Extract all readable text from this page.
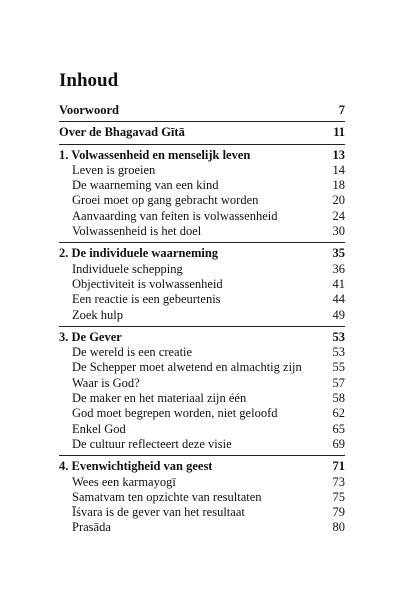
Inhoud
Voorwoord	7
Over de Bhagavad Gītā	11
1. Volwassenheid en menselijk leven	13
Leven is groeien	14
De waarneming van een kind	18
Groei moet op gang gebracht worden	20
Aanvaarding van feiten is volwassenheid	24
Volwassenheid is het doel	30
2. De individuele waarneming	35
Individuele schepping	36
Objectiviteit is volwassenheid	41
Een reactie is een gebeurtenis	44
Zoek hulp	49
3. De Gever	53
De wereld is een creatie	53
De Schepper moet alwetend en almachtig zijn 55
Waar is God?	57
De maker en het materiaal zijn één	58
God moet begrepen worden, niet geloofd	62
Enkel God	65
De cultuur reflecteert deze visie	69
4. Evenwichtigheid van geest	71
Wees een karmayogī	73
Samatvam ten opzichte van resultaten	75
Īśvara is de gever van het resultaat	79
Prasāda	80
